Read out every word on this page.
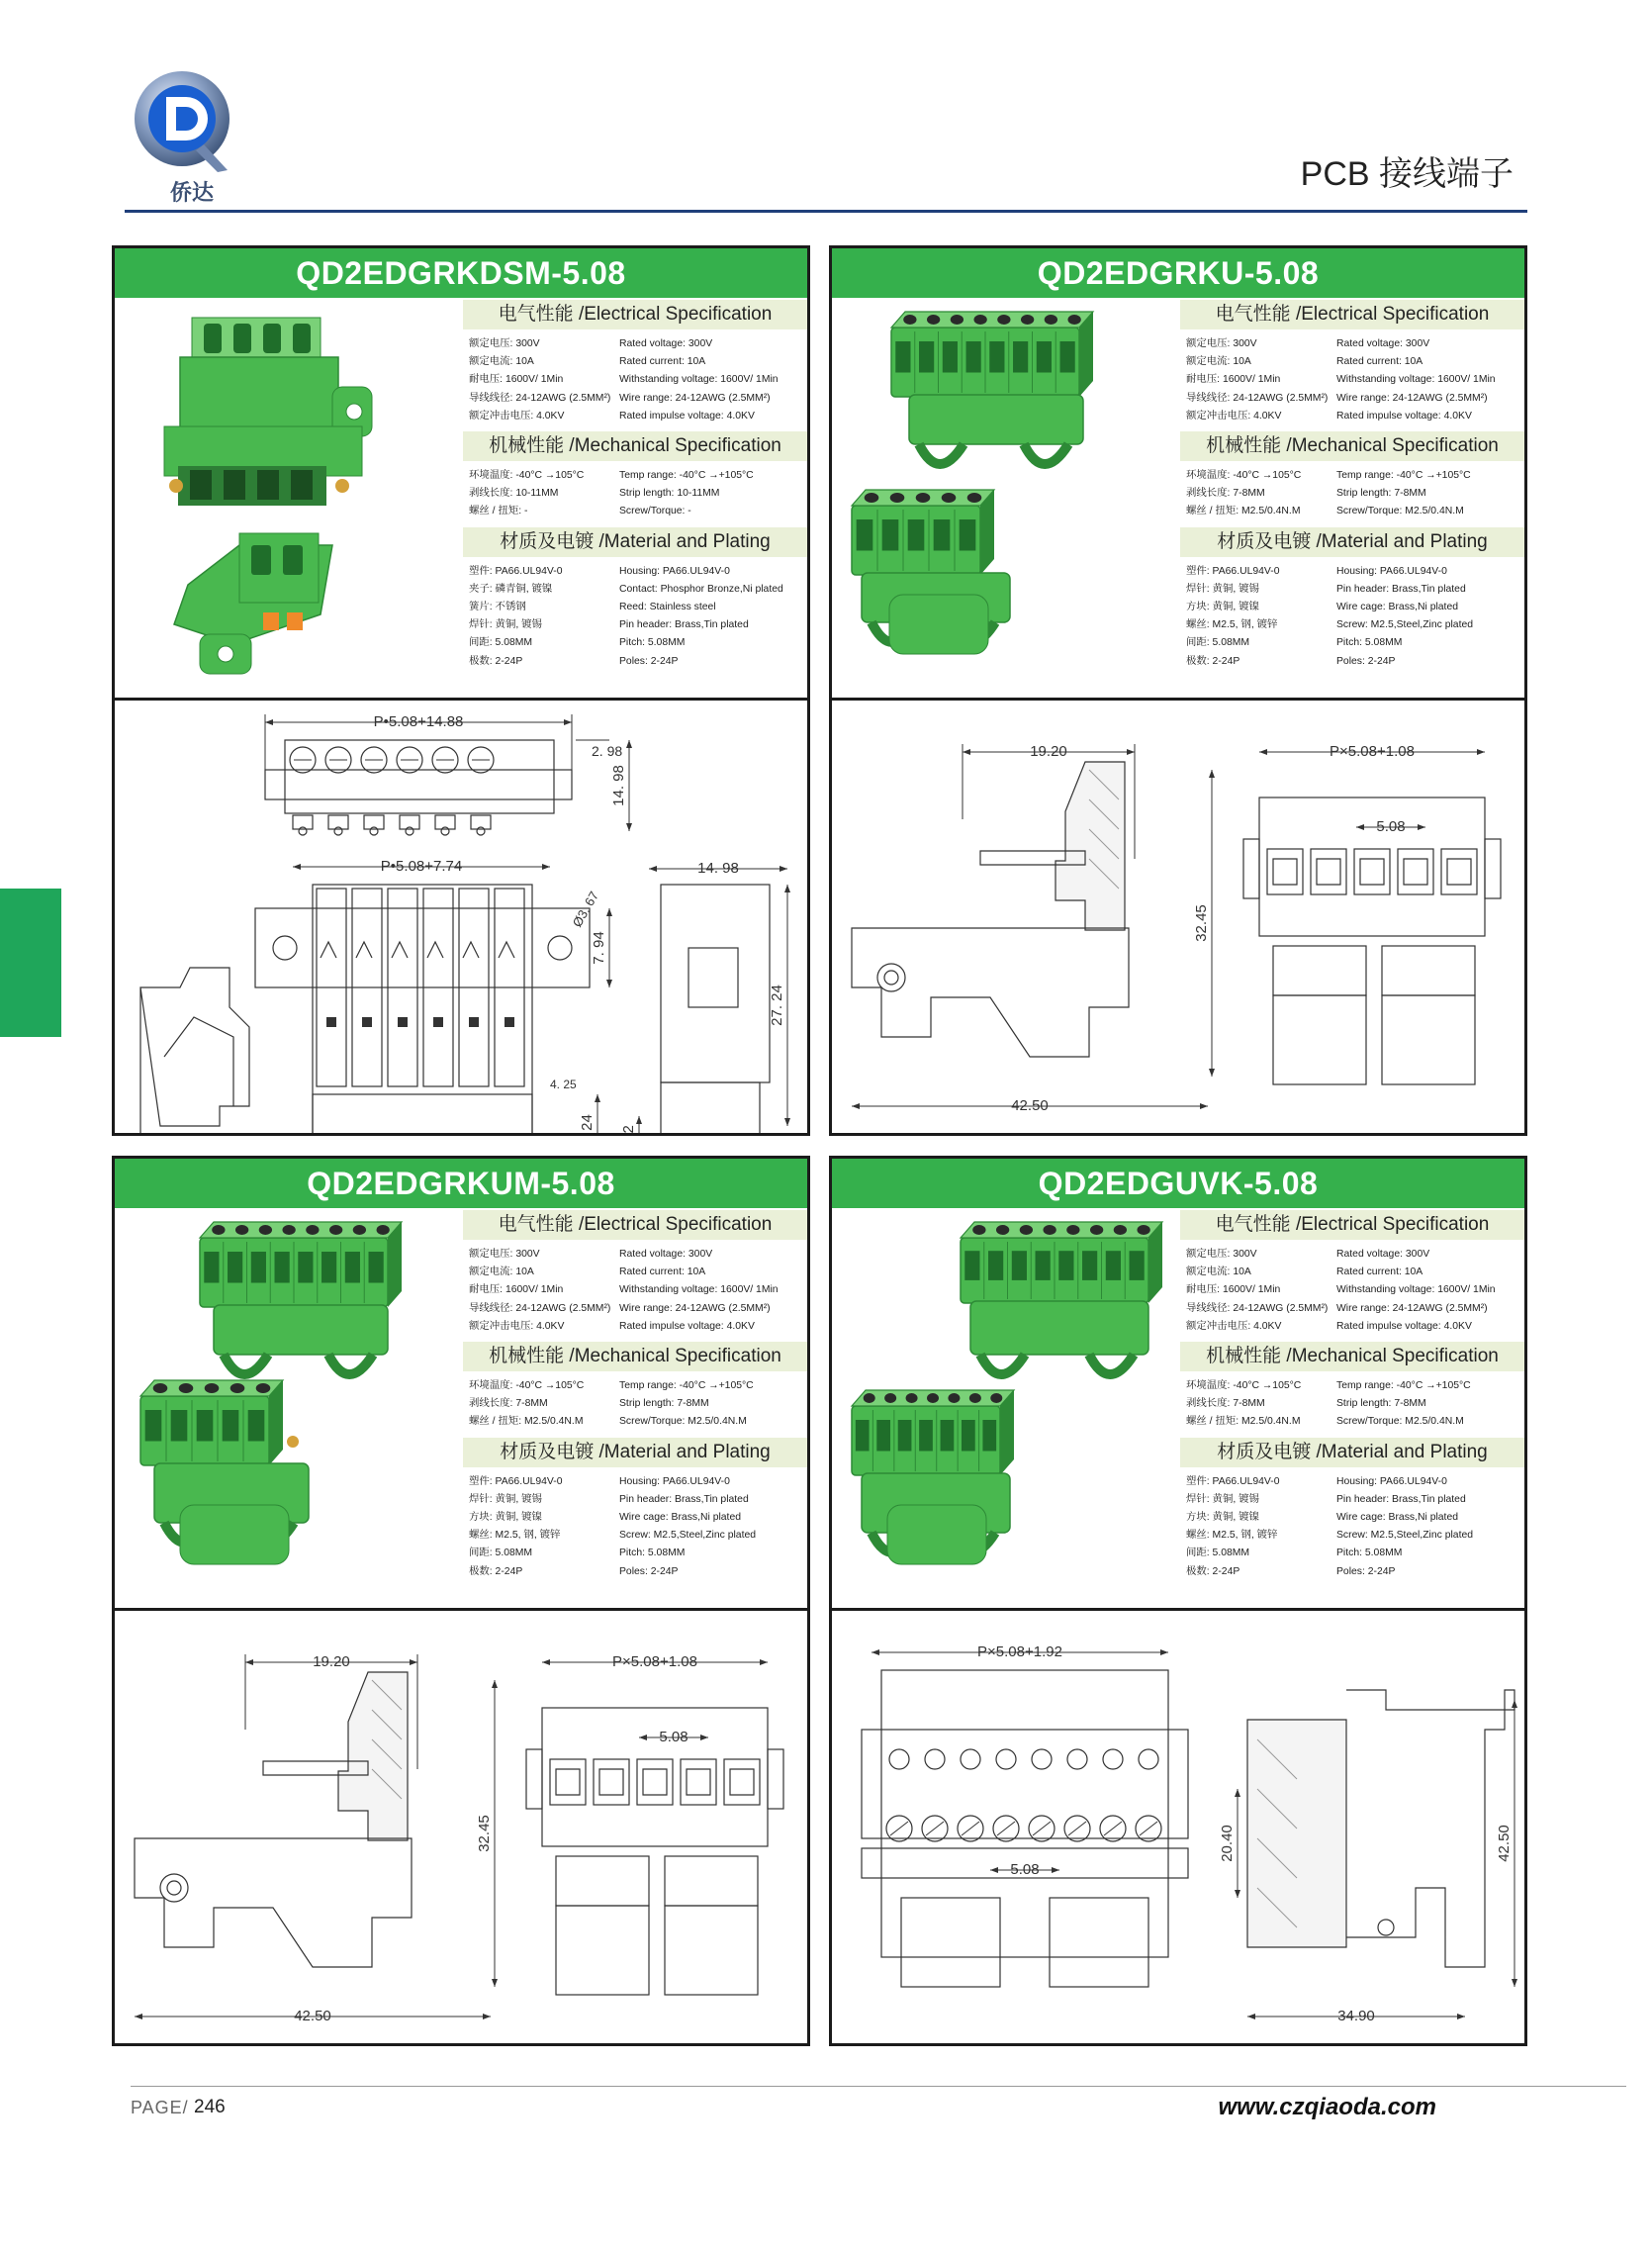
侨达	PCB 接线端子
QD2EDGRKDSM-5.08
电气性能 /Electrical Specification
额定电压: 300V	Rated voltage: 300V
额定电流: 10A	Rated current: 10A
耐电压: 1600V/ 1Min	Withstanding voltage: 1600V/ 1Min
导线线径: 24-12AWG (2.5MM²) Wire range: 24-12AWG (2.5MM²)
额定冲击电压: 4.0KV	Rated impulse voltage: 4.0KV
机械性能 /Mechanical Specification
环境温度: -40°C →105°C	Temp range: -40°C →+105°C
剥线长度: 10-11MM	Strip length: 10-11MM
螺丝 / 扭矩: -	Screw/Torque: -
材质及电镀 /Material and Plating
塑件: PA66.UL94V-0	Housing: PA66.UL94V-0
夹子: 磷青铜, 镀镍	Contact: Phosphor Bronze,Ni plated
簧片: 不锈钢	Reed: Stainless steel
焊针: 黄铜, 镀锡	Pin header: Brass,Tin plated
间距: 5.08MM	Pitch: 5.08MM
极数: 2-24P	Poles: 2-24P
P•5.08+14.88
2. 98
14. 98
P•5.08+7.74
Ø3. 67
7. 94
4. 25
14. 98
27. 24
QD2EDGRKU-5.08
电气性能 /Electrical Specification
额定电压: 300V	Rated voltage: 300V
额定电流: 10A	Rated current: 10A
耐电压: 1600V/ 1Min	Withstanding voltage: 1600V/ 1Min
导线线径: 24-12AWG (2.5MM²) Wire range: 24-12AWG (2.5MM²)
额定冲击电压: 4.0KV	Rated impulse voltage: 4.0KV
机械性能 /Mechanical Specification
环境温度: -40°C →105°C	Temp range: -40°C →+105°C
剥线长度: 7-8MM	Strip length: 7-8MM
螺丝 / 扭矩: M2.5/0.4N.M	Screw/Torque: M2.5/0.4N.M
材质及电镀 /Material and Plating
塑件: PA66.UL94V-0	Housing: PA66.UL94V-0
焊针: 黄铜, 镀锡	Pin header: Brass,Tin plated
方块: 黄铜, 镀镍	Wire cage: Brass,Ni plated
螺丝: M2.5, 钢, 镀锌	Screw: M2.5,Steel,Zinc plated
间距: 5.08MM	Pitch: 5.08MM
极数: 2-24P	Poles: 2-24P
19.20
42.50
32.45
P×5.08+1.08
5.08
QD2EDGRKUM-5.08
电气性能 /Electrical Specification
额定电压: 300V	Rated voltage: 300V
额定电流: 10A	Rated current: 10A
耐电压: 1600V/ 1Min	Withstanding voltage: 1600V/ 1Min
导线线径: 24-12AWG (2.5MM²) Wire range: 24-12AWG (2.5MM²)
额定冲击电压: 4.0KV	Rated impulse voltage: 4.0KV
机械性能 /Mechanical Specification
环境温度: -40°C →105°C	Temp range: -40°C →+105°C
剥线长度: 7-8MM	Strip length: 7-8MM
螺丝 / 扭矩: M2.5/0.4N.M	Screw/Torque: M2.5/0.4N.M
材质及电镀 /Material and Plating
塑件: PA66.UL94V-0	Housing: PA66.UL94V-0
焊针: 黄铜, 镀锡	Pin header: Brass,Tin plated
方块: 黄铜, 镀镍	Wire cage: Brass,Ni plated
螺丝: M2.5, 钢, 镀锌	Screw: M2.5,Steel,Zinc plated
间距: 5.08MM	Pitch: 5.08MM
极数: 2-24P	Poles: 2-24P
19.20
42.50
32.45
P×5.08+1.08
5.08
QD2EDGUVK-5.08
电气性能 /Electrical Specification
额定电压: 300V	Rated voltage: 300V
额定电流: 10A	Rated current: 10A
耐电压: 1600V/ 1Min	Withstanding voltage: 1600V/ 1Min
导线线径: 24-12AWG (2.5MM²) Wire range: 24-12AWG (2.5MM²)
额定冲击电压: 4.0KV	Rated impulse voltage: 4.0KV
机械性能 /Mechanical Specification
环境温度: -40°C →105°C	Temp range: -40°C →+105°C
剥线长度: 7-8MM	Strip length: 7-8MM
螺丝 / 扭矩: M2.5/0.4N.M	Screw/Torque: M2.5/0.4N.M
材质及电镀 /Material and Plating
塑件: PA66.UL94V-0	Housing: PA66.UL94V-0
焊针: 黄铜, 镀锡	Pin header: Brass,Tin plated
方块: 黄铜, 镀镍	Wire cage: Brass,Ni plated
螺丝: M2.5, 钢, 镀锌	Screw: M2.5,Steel,Zinc plated
间距: 5.08MM	Pitch: 5.08MM
极数: 2-24P	Poles: 2-24P
P×5.08+1.92
5.08
20.40	42.50
34.90
PAGE/ 246	www.czqiaoda.com
